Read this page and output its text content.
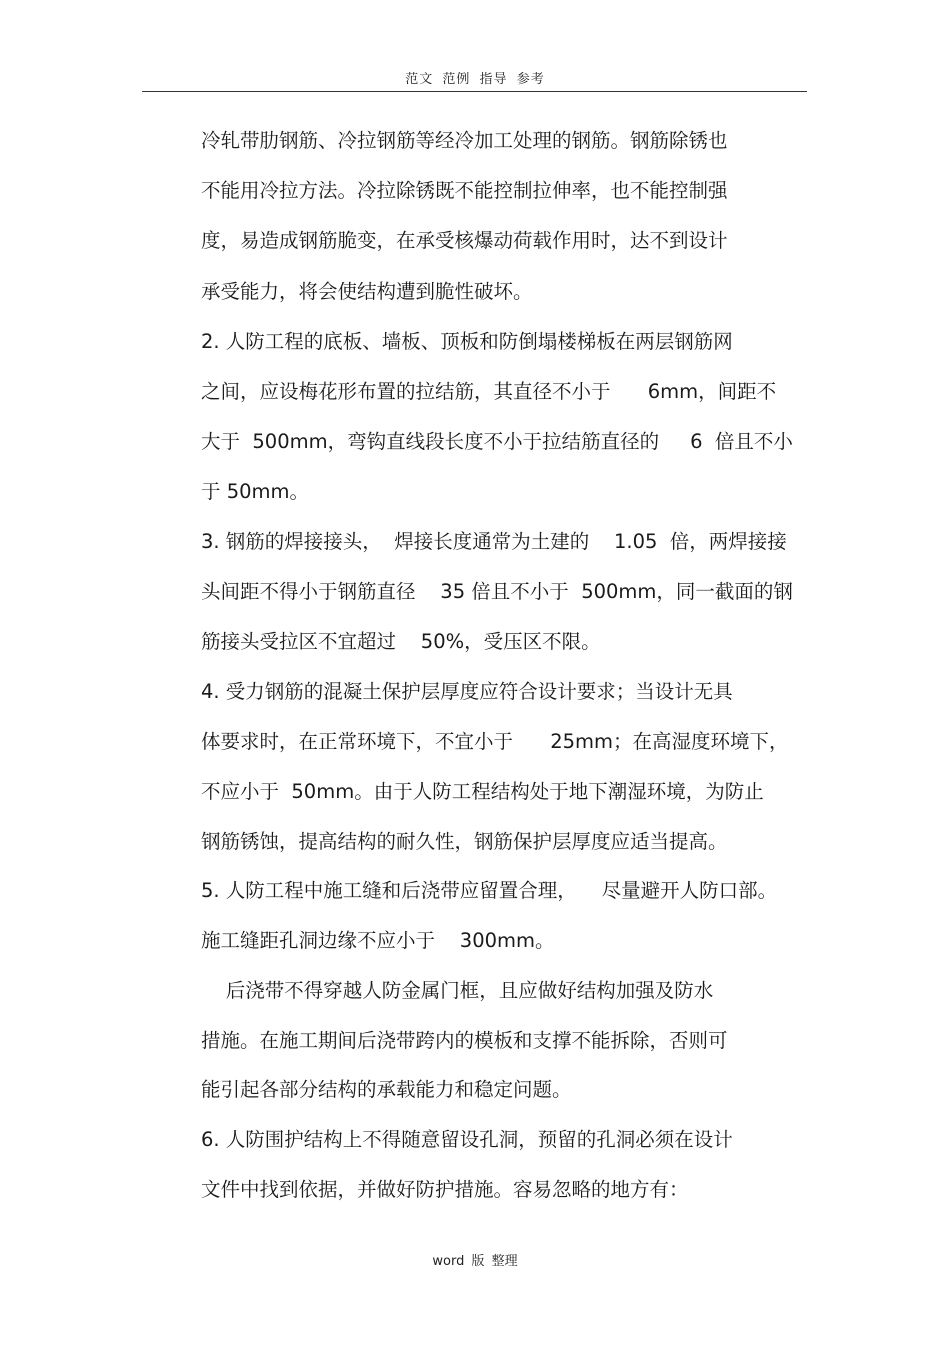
范文 范例 指导 参考
冷轧带肋钢筋、冷拉钢筋等经冷加工处理的钢筋。钢筋除锈也
不能用冷拉方法。冷拉除锈既不能控制拉伸率，也不能控制强
度，易造成钢筋脆变，在承受核爆动荷载作用时，达不到设计
承受能力，将会使结构遭到脆性破坏。
2. 人防工程的底板、墙板、顶板和防倒塌楼梯板在两层钢筋网
之间，应设梅花形布置的拉结筋，其直径不小于      6mm，间距不
大于  500mm，弯钩直线段长度不小于拉结筋直径的     6  倍且不小
于 50mm。
3. 钢筋的焊接接头，  焊接长度通常为土建的    1.05  倍，两焊接接
头间距不得小于钢筋直径    35 倍且不小于  500mm，同一截面的钢
筋接头受拉区不宜超过    50%，受压区不限。
4. 受力钢筋的混凝土保护层厚度应符合设计要求；当设计无具
体要求时，在正常环境下，不宜小于      25mm；在高湿度环境下，
不应小于  50mm。由于人防工程结构处于地下潮湿环境，为防止
钢筋锈蚀，提高结构的耐久性，钢筋保护层厚度应适当提高。
5. 人防工程中施工缝和后浇带应留置合理，    尽量避开人防口部。
施工缝距孔洞边缘不应小于    300mm。
后浇带不得穿越人防金属门框，且应做好结构加强及防水
措施。在施工期间后浇带跨内的模板和支撑不能拆除，否则可
能引起各部分结构的承载能力和稳定问题。
6. 人防围护结构上不得随意留设孔洞，预留的孔洞必须在设计
文件中找到依据，并做好防护措施。容易忽略的地方有：
word 版 整理
